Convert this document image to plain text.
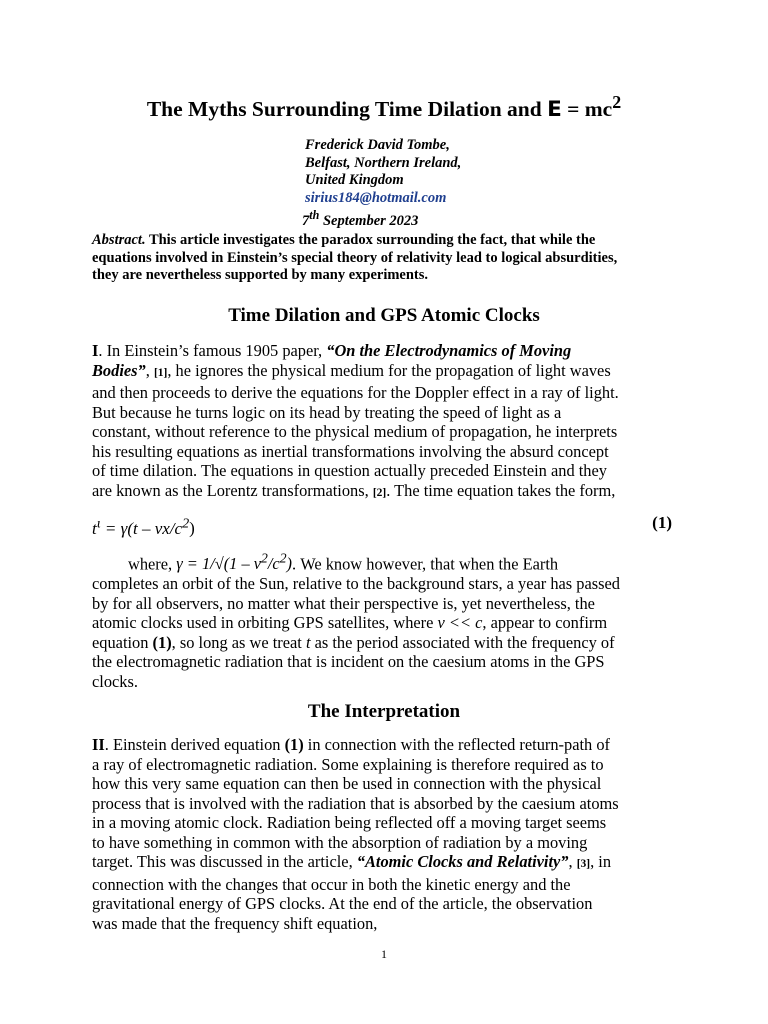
The Myths Surrounding Time Dilation and $E = mc^2$
Frederick David Tombe,
Belfast, Northern Ireland,
United Kingdom
sirius184@hotmail.com
7th September 2023
Abstract. This article investigates the paradox surrounding the fact, that while the
equations involved in Einstein’s special theory of relativity lead to logical absurdities,
they are nevertheless supported by many experiments.
Time Dilation and GPS Atomic Clocks
I. In Einstein’s famous 1905 paper, “On the Electrodynamics of Moving
Bodies”, [1], he ignores the physical medium for the propagation of light waves
and then proceeds to derive the equations for the Doppler effect in a ray of light.
But because he turns logic on its head by treating the speed of light as a
constant, without reference to the physical medium of propagation, he interprets
his resulting equations as inertial transformations involving the absurd concept
of time dilation. The equations in question actually preceded Einstein and they
are known as the Lorentz transformations, [2]. The time equation takes the form,
$t^\iota = \gamma(t - vx/c^2)$	(1)
where, $\gamma = 1/√(1 - v^2/c^2)$. We know however, that when the Earth
completes an orbit of the Sun, relative to the background stars, a year has passed
by for all observers, no matter what their perspective is, yet nevertheless, the
atomic clocks used in orbiting GPS satellites, where v << c, appear to confirm
equation (1), so long as we treat t as the period associated with the frequency of
the electromagnetic radiation that is incident on the caesium atoms in the GPS
clocks.
The Interpretation
II. Einstein derived equation (1) in connection with the reflected return-path of
a ray of electromagnetic radiation. Some explaining is therefore required as to
how this very same equation can then be used in connection with the physical
process that is involved with the radiation that is absorbed by the caesium atoms
in a moving atomic clock. Radiation being reflected off a moving target seems
to have something in common with the absorption of radiation by a moving
target. This was discussed in the article, “Atomic Clocks and Relativity”, [3], in
connection with the changes that occur in both the kinetic energy and the
gravitational energy of GPS clocks. At the end of the article, the observation
was made that the frequency shift equation,
1
